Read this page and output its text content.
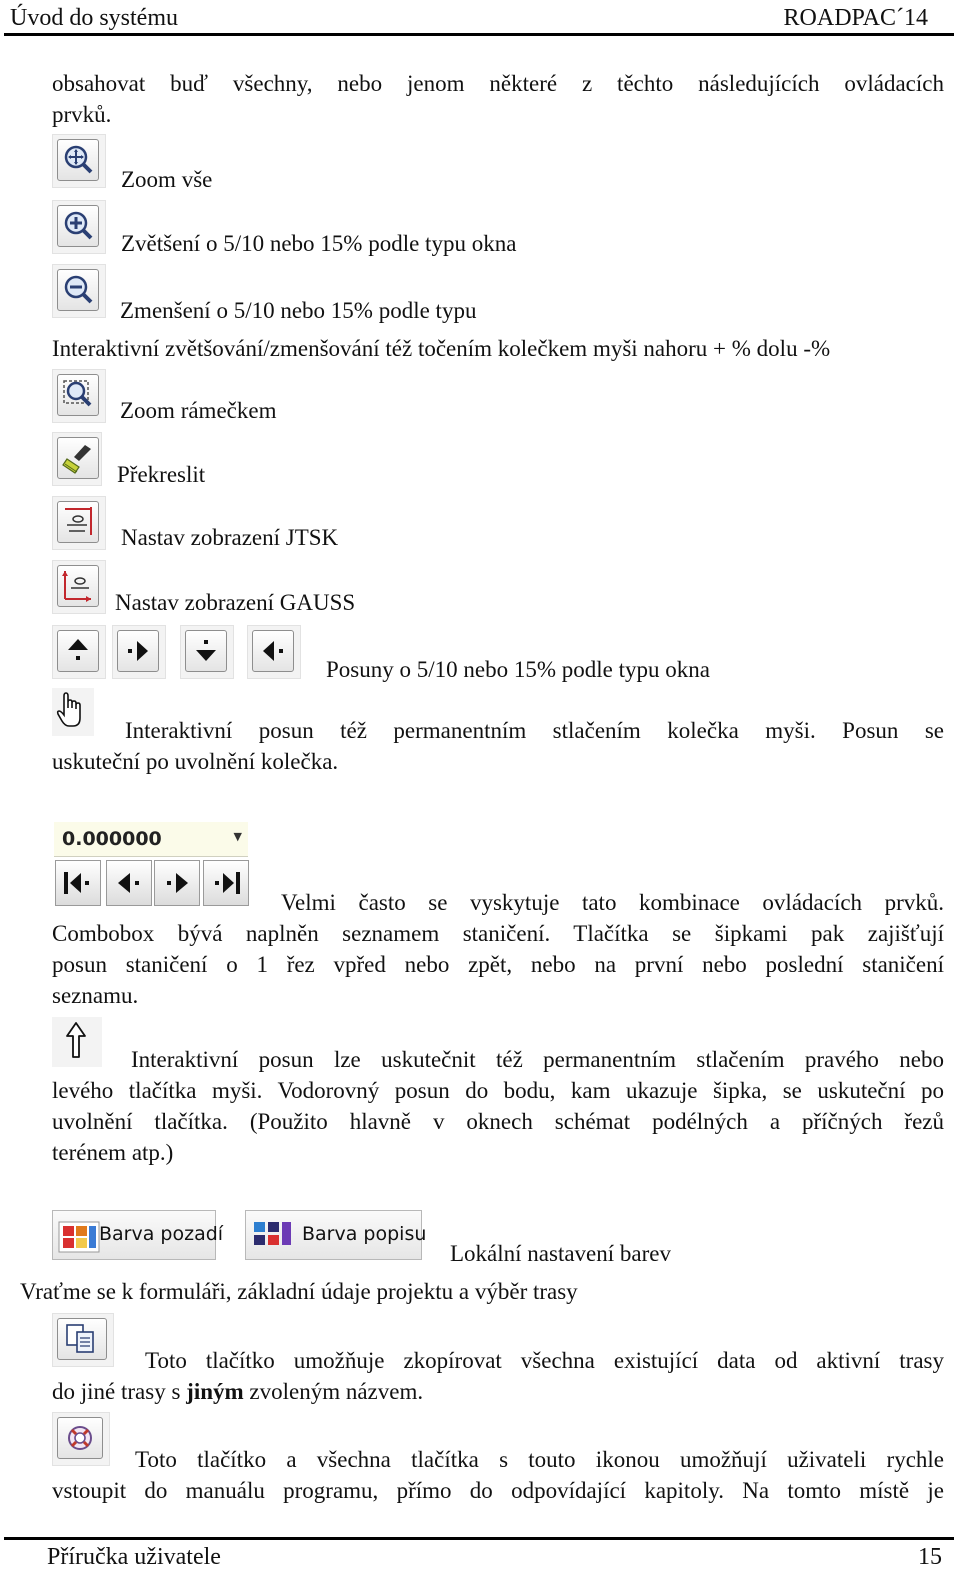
Úvod do systému	ROADPAC´14
obsahovat buď všechny, nebo jenom některé z těchto následujících ovládacích
prvků.
Zoom vše
Zvětšení o 5/10 nebo 15% podle typu okna
Zmenšení o 5/10 nebo 15% podle typu
Interaktivní zvětšování/zmenšování též točením kolečkem myši nahoru + % dolu -%
Zoom rámečkem
Překreslit
Nastav zobrazení JTSK
Nastav zobrazení GAUSS
Posuny o 5/10 nebo 15% podle typu okna
Interaktivní posun též permanentním stlačením kolečka myši. Posun se
uskuteční po uvolnění kolečka.
0.000000	▼
Velmi často se vyskytuje tato kombinace ovládacích prvků.
Combobox bývá naplněn seznamem staničení. Tlačítka se šipkami pak zajišťují
posun staničení o 1 řez vpřed nebo zpět, nebo na první nebo poslední staničení
seznamu.
Interaktivní posun lze uskutečnit též permanentním stlačením pravého nebo
levého tlačítka myši. Vodorovný posun do bodu, kam ukazuje šipka, se uskuteční po
uvolnění tlačítka. (Použito hlavně v oknech schémat podélných a příčných řezů
terénem atp.)
Barva pozadí	Barva popisu
Lokální nastavení barev
Vraťme se k formuláři, základní údaje projektu a výběr trasy
Toto tlačítko umožňuje zkopírovat všechna existující data od aktivní trasy
do jiné trasy s jiným zvoleným názvem.
Toto tlačítko a všechna tlačítka s touto ikonou umožňují uživateli rychle
vstoupit do manuálu programu, přímo do odpovídající kapitoly. Na tomto místě je
Příručka uživatele	15
